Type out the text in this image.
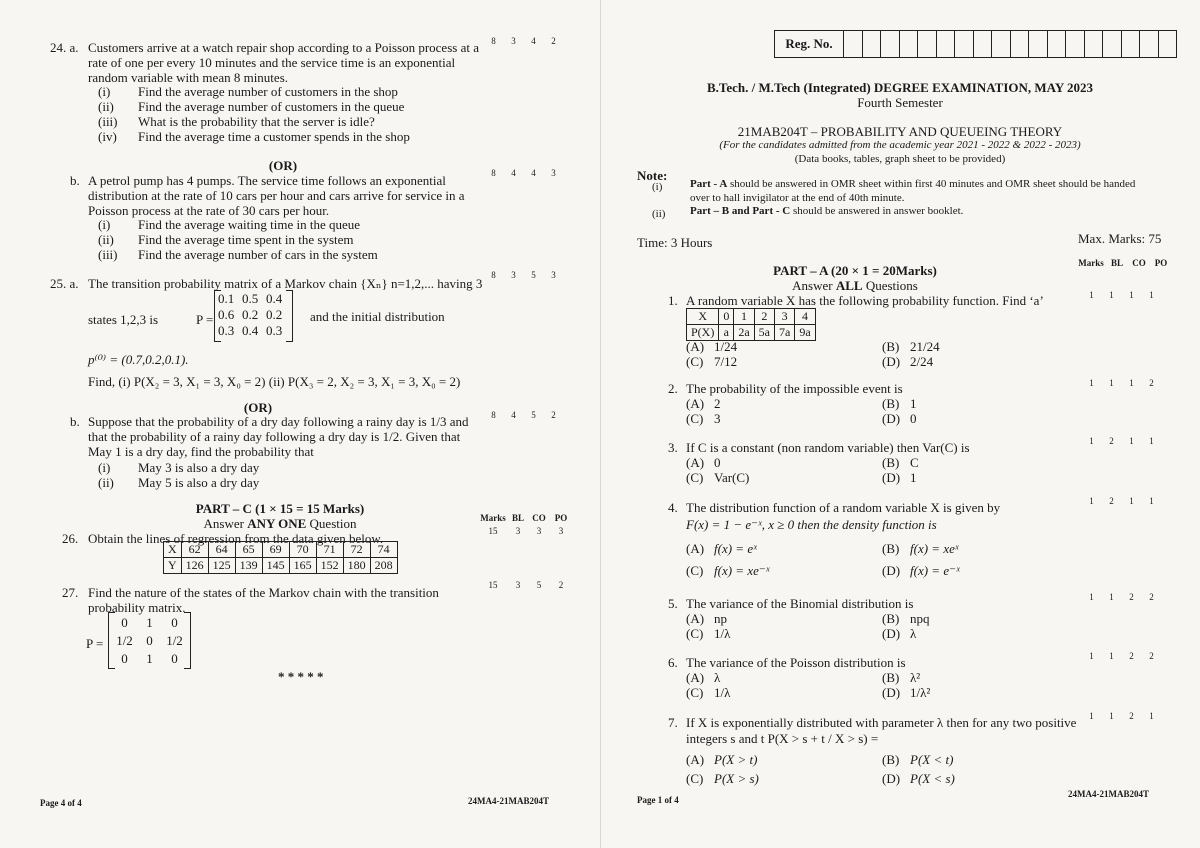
24. a.	8 3 4 2
Customers arrive at a watch repair shop according to a Poisson process at a
rate of one per every 10 minutes and the service time is an exponential
random variable with mean 8 minutes.
(i) Find the average number of customers in the shop
(ii) Find the average number of customers in the queue
(iii) What is the probability that the server is idle?
(iv) Find the average time a customer spends in the shop
(OR)
b.	8 4 4 3
A petrol pump has 4 pumps. The service time follows an exponential
distribution at the rate of 10 cars per hour and cars arrive for service in a
Poisson process at the rate of 30 cars per hour.
(i) Find the average waiting time in the queue
(ii) Find the average time spent in the system
(iii) Find the average number of cars in the system
25. a.
8 3 5 3
The transition probability matrix of a Markov chain {Xₙ} n=1,2,... having 3
states 1,2,3 is	P =
0.1 0.5 0.4
0.6 0.2 0.2
0.3 0.4 0.3
and the initial distribution
p⁽⁰⁾ = (0.7,0.2,0.1).
Find, (i) P(X₂ = 3, X₁ = 3, X₀ = 2) (ii) P(X₃ = 2, X₂ = 3, X₁ = 3, X₀ = 2)
(OR)
b.	8 4 5 2
Suppose that the probability of a dry day following a rainy day is 1/3 and
that the probability of a rainy day following a dry day is 1/2. Given that
May 1 is a dry day, find the probability that
(i) May 3 is also a dry day
(ii) May 5 is also a dry day
PART – C (1 × 15 = 15 Marks)
Answer ANY ONE Question	Marks BL CO PO
15 3 3 3
26. Obtain the lines of regression from the data given below.
X	62	64	65	69	70	71	72	74
Y	126	125	139	145	165	152	180	208
27. Find the nature of the states of the Markov chain with the transition
probability matrix.
15 3 5 2
P =
0 1 0
1/2 0 1/2
0 1 0
* * * * *
Page 4 of 4	24MA4-21MAB204T
Reg. No.
B.Tech. / M.Tech (Integrated) DEGREE EXAMINATION, MAY 2023
Fourth Semester
21MAB204T – PROBABILITY AND QUEUEING THEORY
(For the candidates admitted from the academic year 2021 - 2022 & 2022 - 2023)
(Data books, tables, graph sheet to be provided)
Note:
(i)	Part - A should be answered in OMR sheet within first 40 minutes and OMR sheet should be handed
over to hall invigilator at the end of 40th minute.
(ii) Part – B and Part - C should be answered in answer booklet.
Time: 3 Hours	Max. Marks: 75
PART – A (20 × 1 = 20Marks)
Answer ALL Questions
Marks BL CO PO
1. A random variable X has the following probability function. Find ‘a’	1 1 1 1
X	0	1	2	3	4
P(X)	a	2a	5a	7a	9a
(A) 1/24	(B) 21/24
(C) 7/12	(D) 2/24
2. The probability of the impossible event is	1 1 1 2
(A) 2	(B) 1
(C) 3	(D) 0
3. If C is a constant (non random variable) then Var(C) is	1 2 1 1
(A) 0	(B) C
(C) Var(C)	(D) 1
4. The distribution function of a random variable X is given by
F(x) = 1 − e⁻ˣ, x ≥ 0 then the density function is
1 2 1 1
(A) f(x) = eˣ	(B) f(x) = xeˣ
(C) f(x) = xe⁻ˣ	(D) f(x) = e⁻ˣ
5. The variance of the Binomial distribution is	1 1 2 2
(A) np	(B) npq
(C) 1/λ	(D) λ
6. The variance of the Poisson distribution is	1 1 2 2
(A) λ	(B) λ²
(C) 1/λ	(D) 1/λ²
7. If X is exponentially distributed with parameter λ then for any two positive
integers s and t P(X > s + t / X > s) =
1 1 2 1
(A) P(X > t)	(B) P(X < t)
(C) P(X > s)	(D) P(X < s)
Page 1 of 4
24MA4-21MAB204T
